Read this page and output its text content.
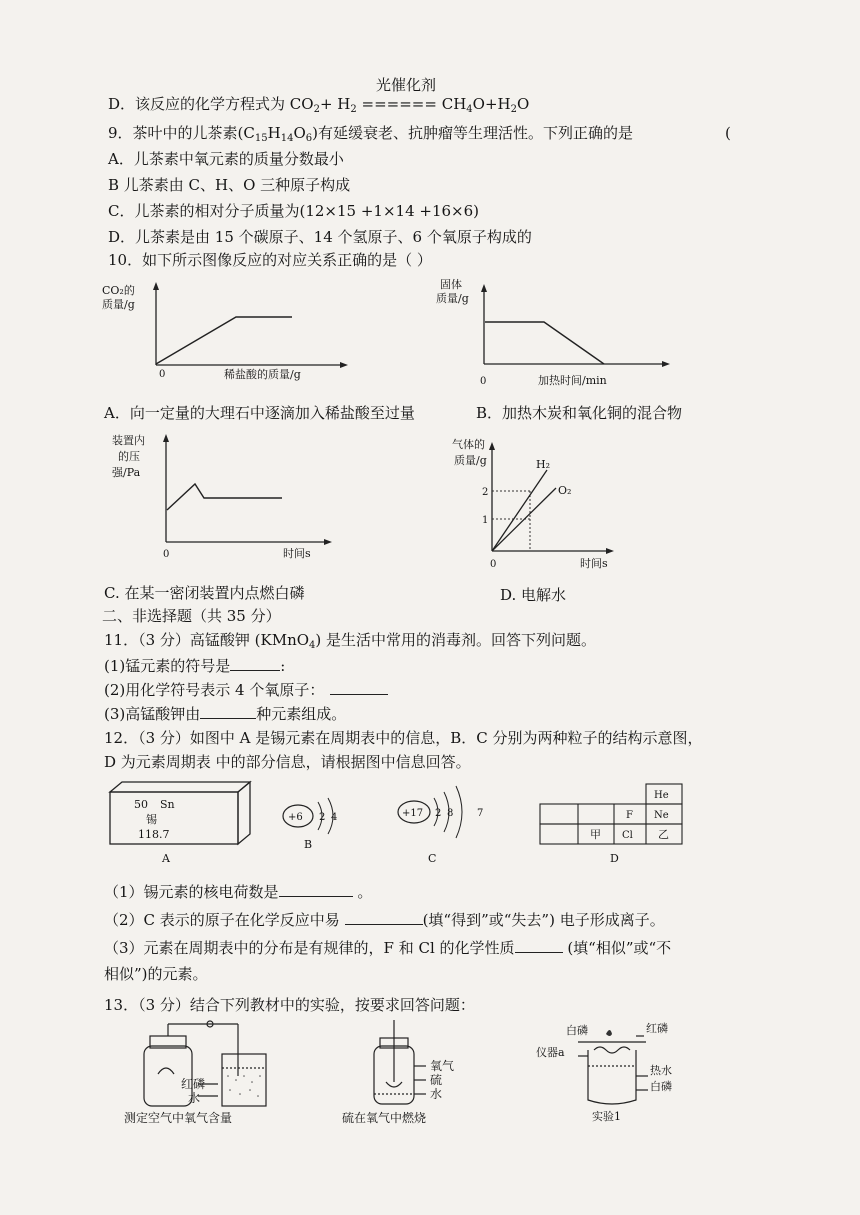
光催化剂
D．该反应的化学方程式为 $CO_2+ H_2$ ====== $CH_4O+H_2O$
9．茶叶中的儿茶素$(C_{15}H_{14}O_6)$有延缓衰老、抗肿瘤等生理活性。下列正确的是	(
A．儿茶素中氧元素的质量分数最小
B 儿茶素由 C、H、O 三种原子构成
C．儿茶素的相对分子质量为(12×15 +1×14 +16×6)
D．儿茶素是由 15 个碳原子、14 个氢原子、6 个氧原子构成的
10．如下所示图像反应的对应关系正确的是（ ）
CO₂的
质量/g
0	稀盐酸的质量/g
固体
质量/g
0	加热时间/min
A．向一定量的大理石中逐滴加入稀盐酸至过量	B．加热木炭和氧化铜的混合物
装置内
的压
强/Pa
0	时间s
气体的
质量/g
2
1
0	时间s
H₂
O₂
C. 在某一密闭装置内点燃白磷	D. 电解水
二、非选择题（共 35 分）
11．（3 分）高锰酸钾 (KMnO$_4$) 是生活中常用的消毒剂。回答下列问题。
(1)锰元素的符号是	:
(2)用化学符号表示 4 个氧原子：
(3)高锰酸钾由	种元素组成。
12．（3 分）如图中 A 是锡元素在周期表中的信息，B．C 分别为两种粒子的结构示意图，
D 为元素周期表 中的部分信息，请根据图中信息回答。
50 Sn
锡
118.7
A
+6 2 4
B
+17 2 8 7
C
He
Ne
F
甲 Cl 乙
D
（1）锡元素的核电荷数是	。
（2）C 表示的原子在化学反应中易	(填“得到”或“失去”) 电子形成离子。
（3）元素在周期表中的分布是有规律的，F 和 Cl 的化学性质	(填“相似”或“不
相似”)的元素。
13．（3 分）结合下列教材中的实验，按要求回答问题：
红磷
水
测定空气中氧气含量
氧气
硫
水
硫在氧气中燃烧
白磷	红磷
仪器a
热水
白磷
实验1
